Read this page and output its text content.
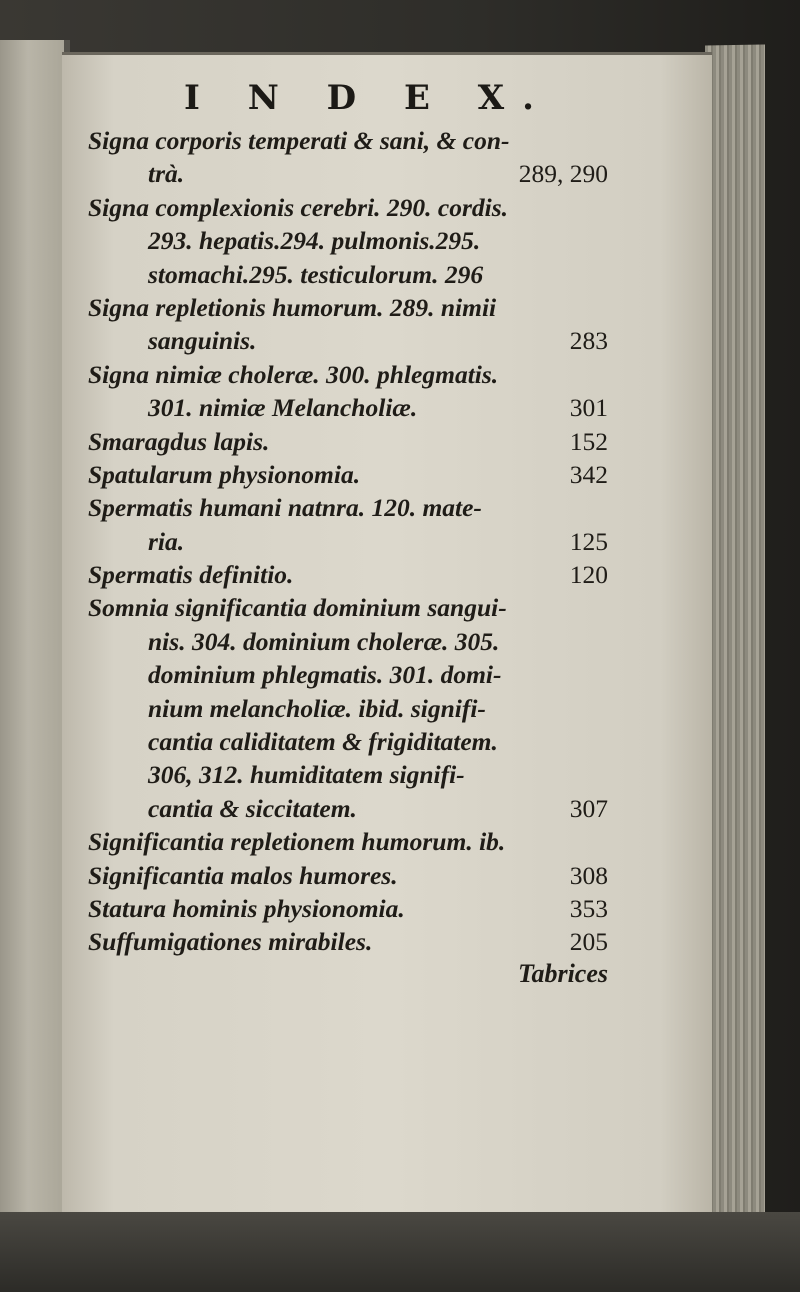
I N D E X.
Signa corporis temperati & sani, & con-
trà.	289, 290
Signa complexionis cerebri. 290. cordis.
293. hepatis.294. pulmonis.295.
stomachi.295. testiculorum. 296
Signa repletionis humorum. 289. nimii
sanguinis.	283
Signa nimiæ choleræ. 300. phlegmatis.
301. nimiæ Melancholiæ.	301
Smaragdus lapis.	152
Spatularum physionomia.	342
Spermatis humani natnra. 120. mate-
ria.	125
Spermatis definitio.	120
Somnia significantia dominium sangui-
nis. 304. dominium choleræ. 305.
dominium phlegmatis. 301. domi-
nium melancholiæ. ibid. signifi-
cantia caliditatem & frigiditatem.
306, 312. humiditatem signifi-
cantia & siccitatem.	307
Significantia repletionem humorum. ib.
Significantia malos humores.	308
Statura hominis physionomia.	353
Suffumigationes mirabiles.	205
Tabrices
